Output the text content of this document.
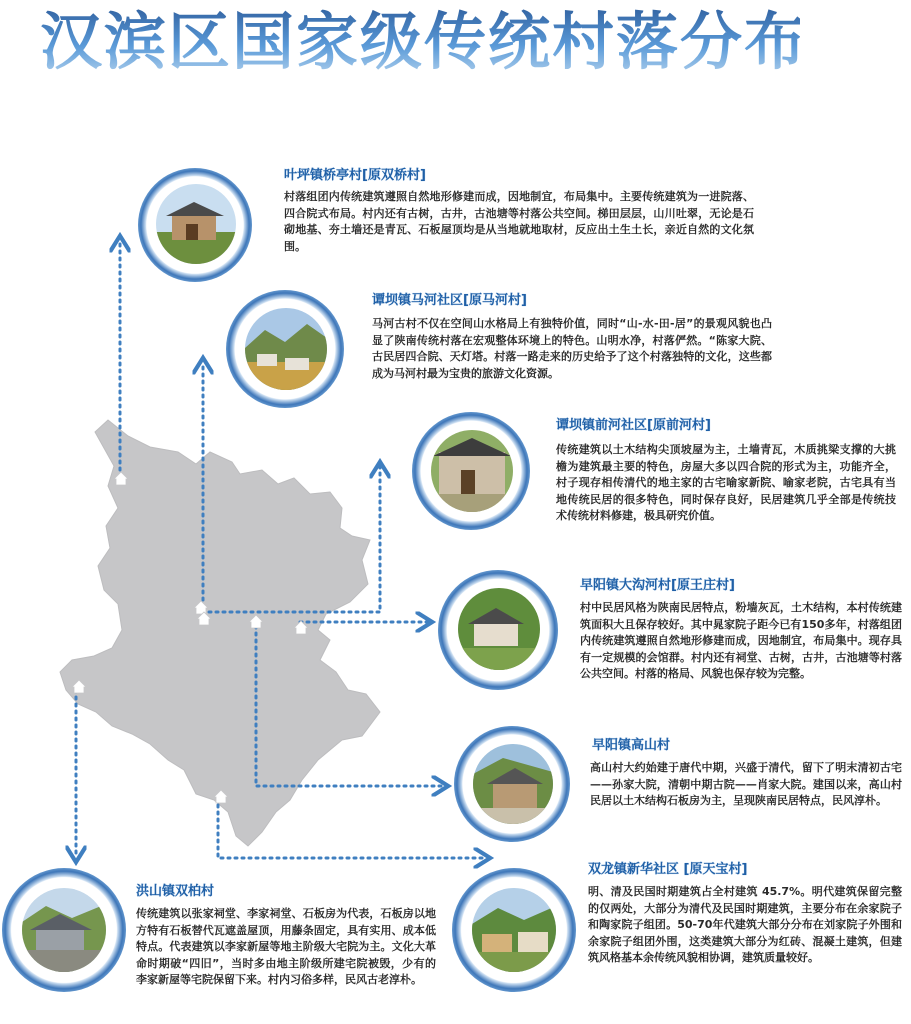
汉滨区国家级传统村落分布
叶坪镇桥亭村[原双桥村]

村落组团内传统建筑遵照自然地形修建而成，因地制宜，布局集中。主要传统建筑为一进院落、四合院式布局。村内还有古树，古井，古池塘等村落公共空间。梯田层层，山川吐翠，无论是石砌地基、夯土墙还是青瓦、石板屋顶均是从当地就地取材，反应出土生土长，亲近自然的文化氛围。

谭坝镇马河社区[原马河村]

马河古村不仅在空间山水格局上有独特价值，同时“山-水-田-居”的景观风貌也凸显了陕南传统村落在宏观整体环境上的特色。山明水净，村落俨然。“陈家大院、古民居四合院、天灯塔。村落一路走来的历史给予了这个村落独特的文化，这些都成为马河村最为宝贵的旅游文化资源。

谭坝镇前河社区[原前河村]

传统建筑以土木结构尖顶坡屋为主，土墙青瓦，木质挑梁支撑的大挑檐为建筑最主要的特色，房屋大多以四合院的形式为主，功能齐全，村子现存相传清代的地主家的古宅喻家新院、喻家老院，古宅具有当地传统民居的很多特色，同时保存良好，民居建筑几乎全部是传统技术传统材料修建，极具研究价值。

早阳镇大沟河村[原王庄村]

村中民居风格为陕南民居特点，粉墙灰瓦，土木结构，本村传统建筑面积大且保存较好。其中晁家院子距今已有150多年，村落组团内传统建筑遵照自然地形修建而成，因地制宜，布局集中。现存具有一定规模的会馆群。村内还有祠堂、古树，古井，古池塘等村落公共空间。村落的格局、风貌也保存较为完整。

早阳镇高山村

高山村大约始建于唐代中期，兴盛于清代，留下了明末清初古宅——孙家大院，清朝中期古院——肖家大院。建国以来，高山村民居以土木结构石板房为主，呈现陕南民居特点，民风淳朴。

双龙镇新华社区 [原天宝村]

明、清及民国时期建筑占全村建筑 45.7%。明代建筑保留完整的仅两处，大部分为清代及民国时期建筑，主要分布在余家院子和陶家院子组团。50-70年代建筑大部分分布在刘家院子外围和余家院子组团外围，这类建筑大部分为红砖、混凝土建筑，但建筑风格基本余传统风貌相协调，建筑质量较好。

洪山镇双柏村

传统建筑以张家祠堂、李家祠堂、石板房为代表，石板房以地方特有石板替代瓦遮盖屋顶，用藤条固定，具有实用、成本低特点。代表建筑以李家新屋等地主阶级大宅院为主。文化大革命时期破“四旧”，当时多由地主阶级所建宅院被毁，少有的李家新屋等宅院保留下来。村内习俗多样，民风古老淳朴。
